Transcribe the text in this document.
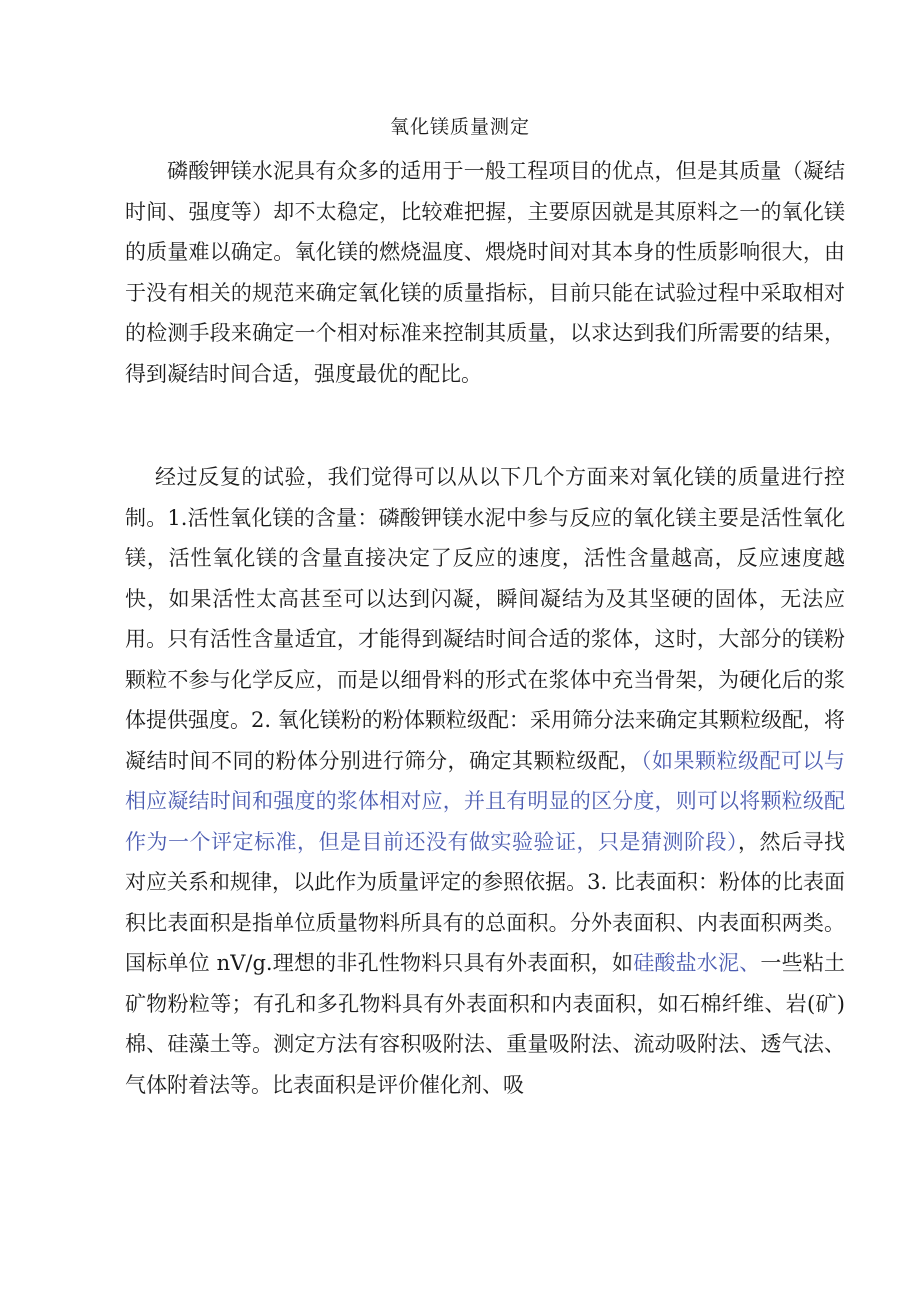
氧化镁质量测定

磷酸钾镁水泥具有众多的适用于一般工程项目的优点，但是其质量（凝结时间、强度等）却不太稳定，比较难把握，主要原因就是其原料之一的氧化镁的质量难以确定。氧化镁的燃烧温度、煨烧时间对其本身的性质影响很大，由于没有相关的规范来确定氧化镁的质量指标，目前只能在试验过程中采取相对的检测手段来确定一个相对标准来控制其质量，以求达到我们所需要的结果，得到凝结时间合适，强度最优的配比。

经过反复的试验，我们觉得可以从以下几个方面来对氧化镁的质量进行控制。1.活性氧化镁的含量：磷酸钾镁水泥中参与反应的氧化镁主要是活性氧化镁，活性氧化镁的含量直接决定了反应的速度，活性含量越高，反应速度越快，如果活性太高甚至可以达到闪凝，瞬间凝结为及其坚硬的固体，无法应用。只有活性含量适宜，才能得到凝结时间合适的浆体，这时，大部分的镁粉颗粒不参与化学反应，而是以细骨料的形式在浆体中充当骨架，为硬化后的浆体提供强度。2. 氧化镁粉的粉体颗粒级配：采用筛分法来确定其颗粒级配，将凝结时间不同的粉体分别进行筛分，确定其颗粒级配，（如果颗粒级配可以与相应凝结时间和强度的浆体相对应，并且有明显的区分度，则可以将颗粒级配作为一个评定标准，但是目前还没有做实验验证，只是猜测阶段），然后寻找对应关系和规律，以此作为质量评定的参照依据。3. 比表面积：粉体的比表面积比表面积是指单位质量物料所具有的总面积。分外表面积、内表面积两类。国标单位 nV/g.理想的非孔性物料只具有外表面积，如硅酸盐水泥、一些粘土矿物粉粒等；有孔和多孔物料具有外表面积和内表面积，如石棉纤维、岩(矿)棉、硅藻土等。测定方法有容积吸附法、重量吸附法、流动吸附法、透气法、气体附着法等。比表面积是评价催化剂、吸
